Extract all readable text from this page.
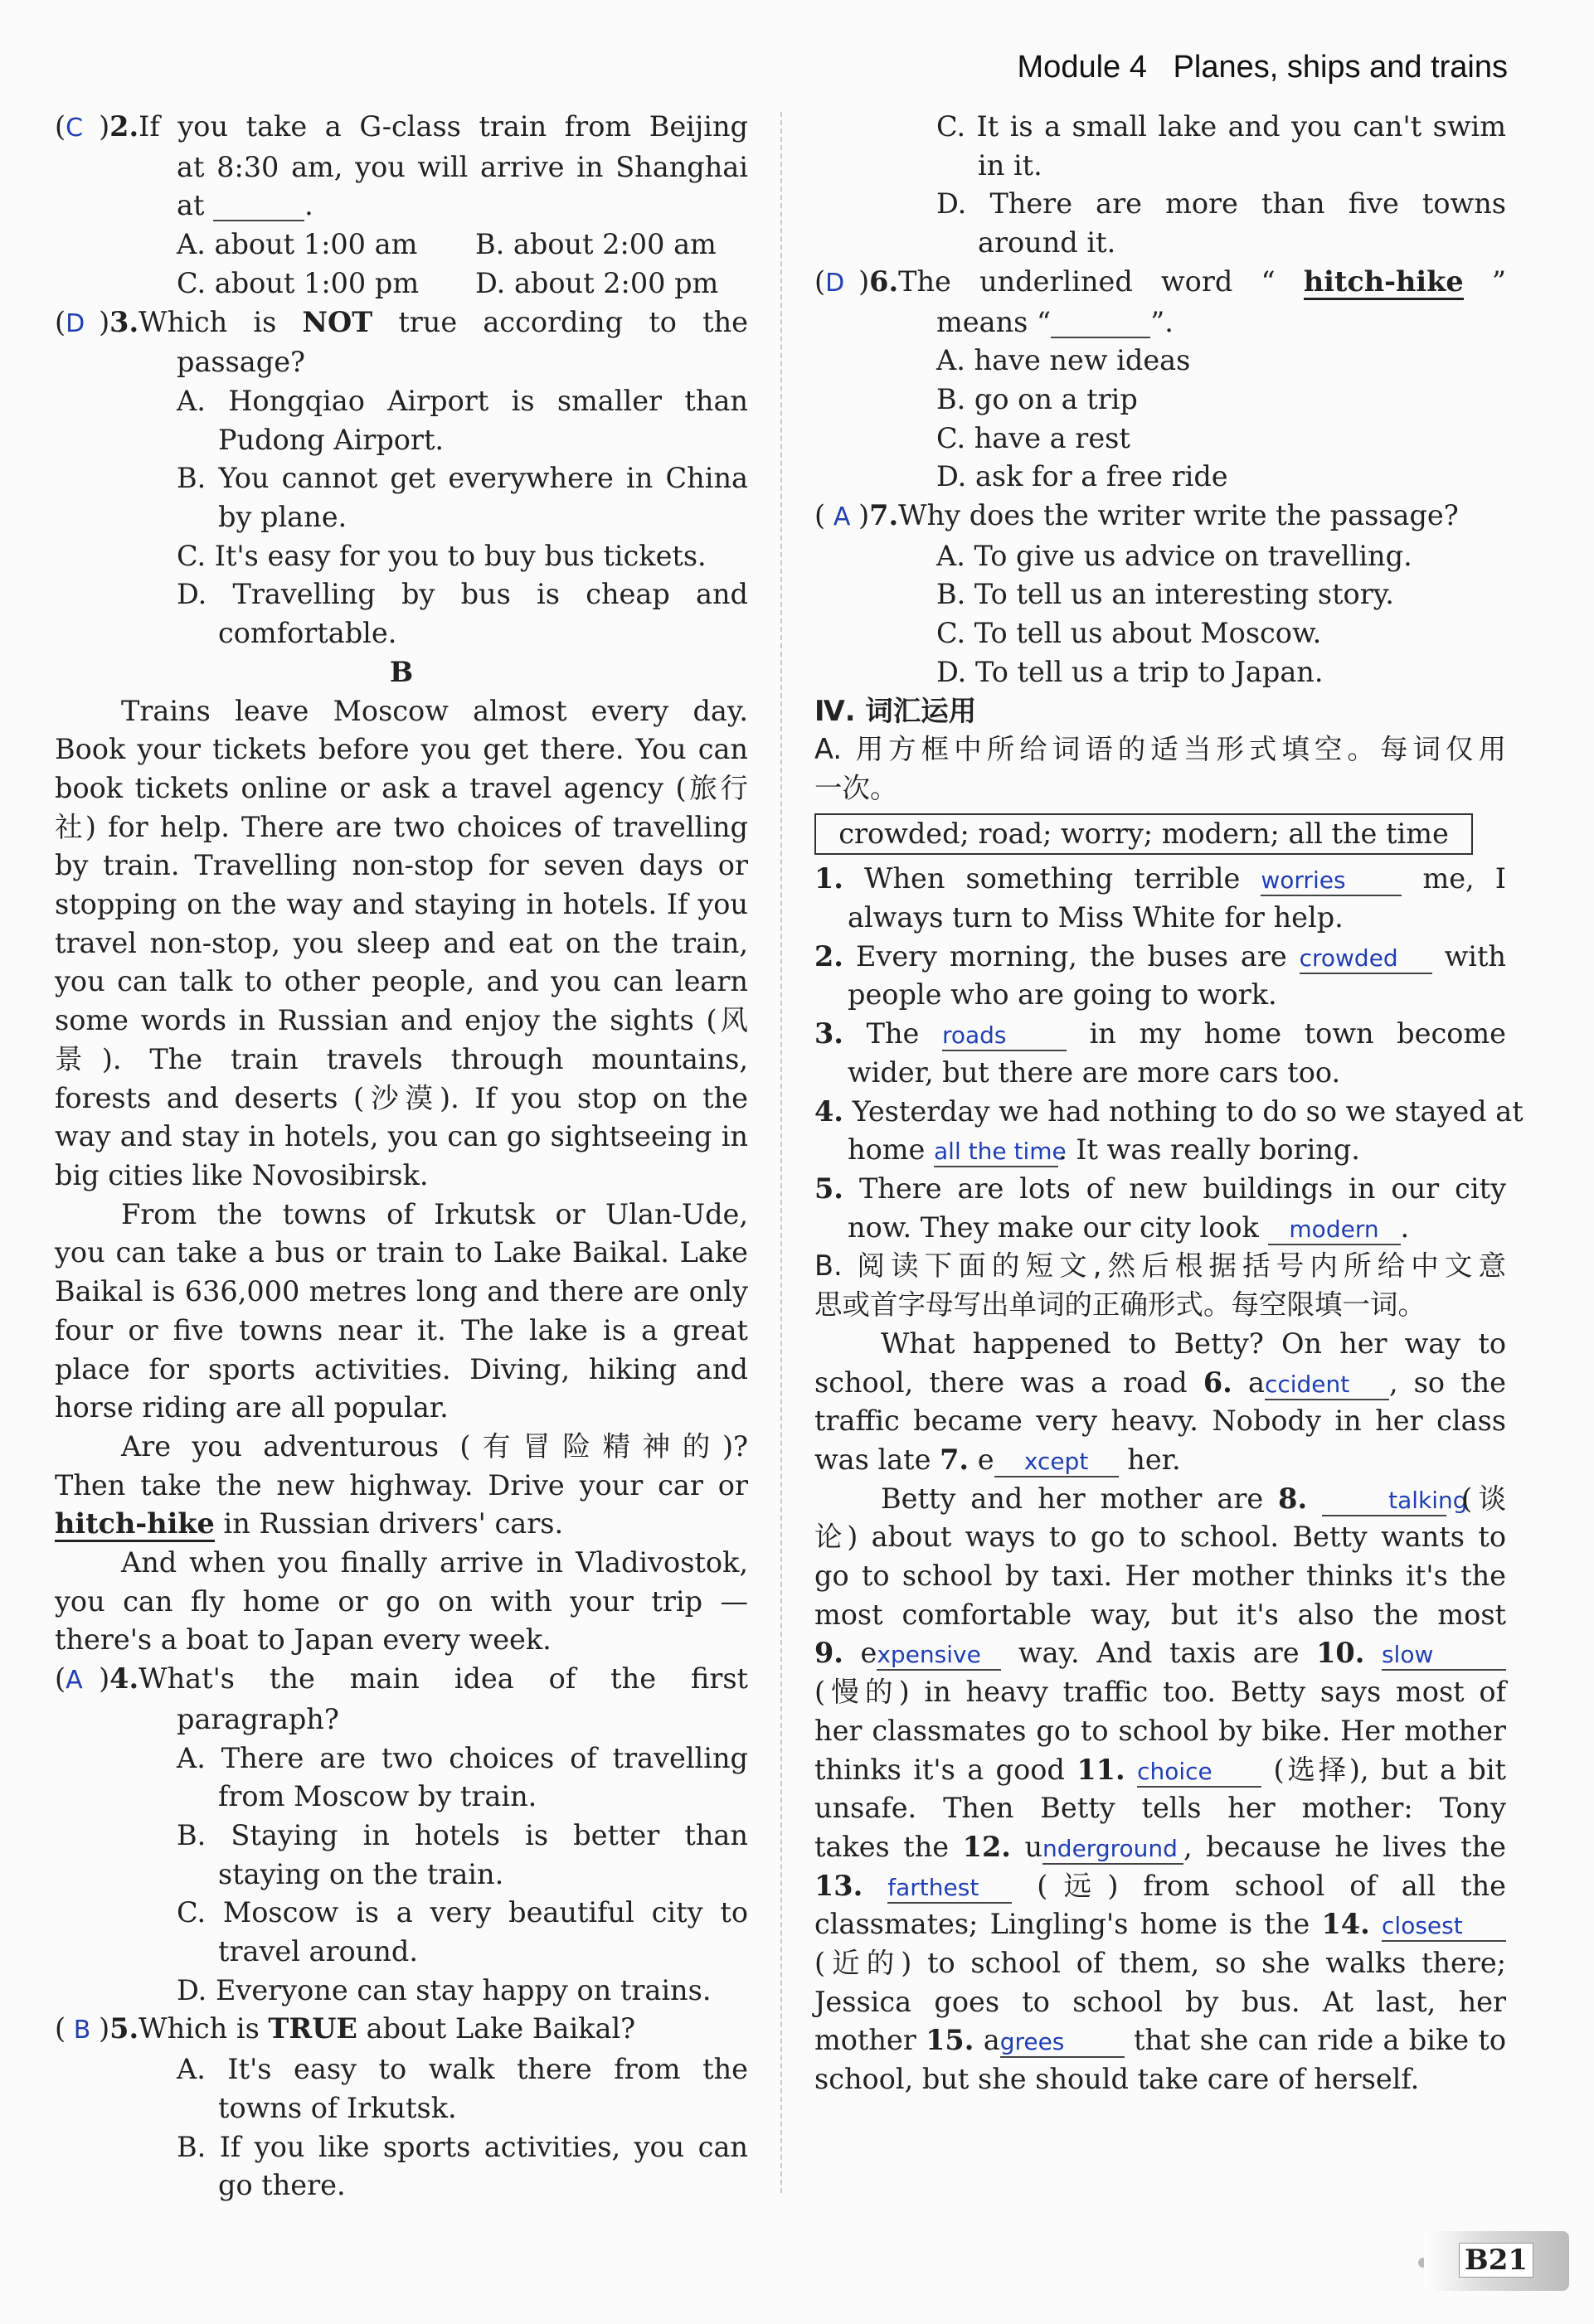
Module 4 Planes, ships and trains
(C )2.If you take a G-class train from Beijing
at 8:30 am, you will arrive in Shanghai
at	.
A. about 1:00 am B. about 2:00 am
C. about 1:00 pm D. about 2:00 pm
(D )3.Which is NOT true according to the
passage?
A. Hongqiao Airport is smaller than
Pudong Airport.
B. You cannot get everywhere in China
by plane.
C. It's easy for you to buy bus tickets.
D. Travelling by bus is cheap and
comfortable.
B
Trains leave Moscow almost every day.
Book your tickets before you get there. You can
book tickets online or ask a travel agency (旅行
社) for help. There are two choices of travelling
by train. Travelling non-stop for seven days or
stopping on the way and staying in hotels. If you
travel non-stop, you sleep and eat on the train,
you can talk to other people, and you can learn
some words in Russian and enjoy the sights (风
景). The train travels through mountains,
forests and deserts (沙漠). If you stop on the
way and stay in hotels, you can go sightseeing in
big cities like Novosibirsk.
From the towns of Irkutsk or Ulan-Ude,
you can take a bus or train to Lake Baikal. Lake
Baikal is 636,000 metres long and there are only
four or five towns near it. The lake is a great
place for sports activities. Diving, hiking and
horse riding are all popular.
Are you adventurous (有冒险精神的)?
Then take the new highway. Drive your car or
hitch-hike in Russian drivers' cars.
And when you finally arrive in Vladivostok,
you can fly home or go on with your trip —
there's a boat to Japan every week.
(A )4.What's the main idea of the first
paragraph?
A. There are two choices of travelling
from Moscow by train.
B. Staying in hotels is better than
staying on the train.
C. Moscow is a very beautiful city to
travel around.
D. Everyone can stay happy on trains.
( B )5.Which is TRUE about Lake Baikal?
A. It's easy to walk there from the
towns of Irkutsk.
B. If you like sports activities, you can
go there.
C. It is a small lake and you can't swim
in it.
D. There are more than five towns
around it.
(D )6.The underlined word “ hitch-hike ”
means “	”.
A. have new ideas
B. go on a trip
C. have a rest
D. ask for a free ride
( A )7.Why does the writer write the passage?
A. To give us advice on travelling.
B. To tell us an interesting story.
C. To tell us about Moscow.
D. To tell us a trip to Japan.
Ⅳ. 词汇运用
A. 用方框中所给词语的适当形式填空。每词仅用
一次。
crowded; road; worry; modern; all the time
1. When something terrible worries	me, I
always turn to Miss White for help.
2. Every morning, the buses are crowded with
people who are going to work.
3. The roads	in my home town become
wider, but there are more cars too.
4. Yesterday we had nothing to do so we stayed at
home all the time. It was really boring.
5. There are lots of new buildings in our city
now. They make our city look modern .
B. 阅读下面的短文,然后根据括号内所给中文意
思或首字母写出单词的正确形式。每空限填一词。
What happened to Betty? On her way to
school, there was a road 6. accident , so the
traffic became very heavy. Nobody in her class
was late 7. e xcept her.
Betty and her mother are 8.	talking (谈
论) about ways to go to school. Betty wants to
go to school by taxi. Her mother thinks it's the
most comfortable way, but it's also the most
9. expensive way. And taxis are 10. slow
(慢的) in heavy traffic too. Betty says most of
her classmates go to school by bike. Her mother
thinks it's a good 11. choice (选择), but a bit
unsafe. Then Betty tells her mother: Tony
takes the 12. underground , because he lives the
13. farthest (远) from school of all the
classmates; Lingling's home is the 14. closest
(近的) to school of them, so she walks there;
Jessica goes to school by bus. At last, her
mother 15. agrees that she can ride a bike to
school, but she should take care of herself.
B21
